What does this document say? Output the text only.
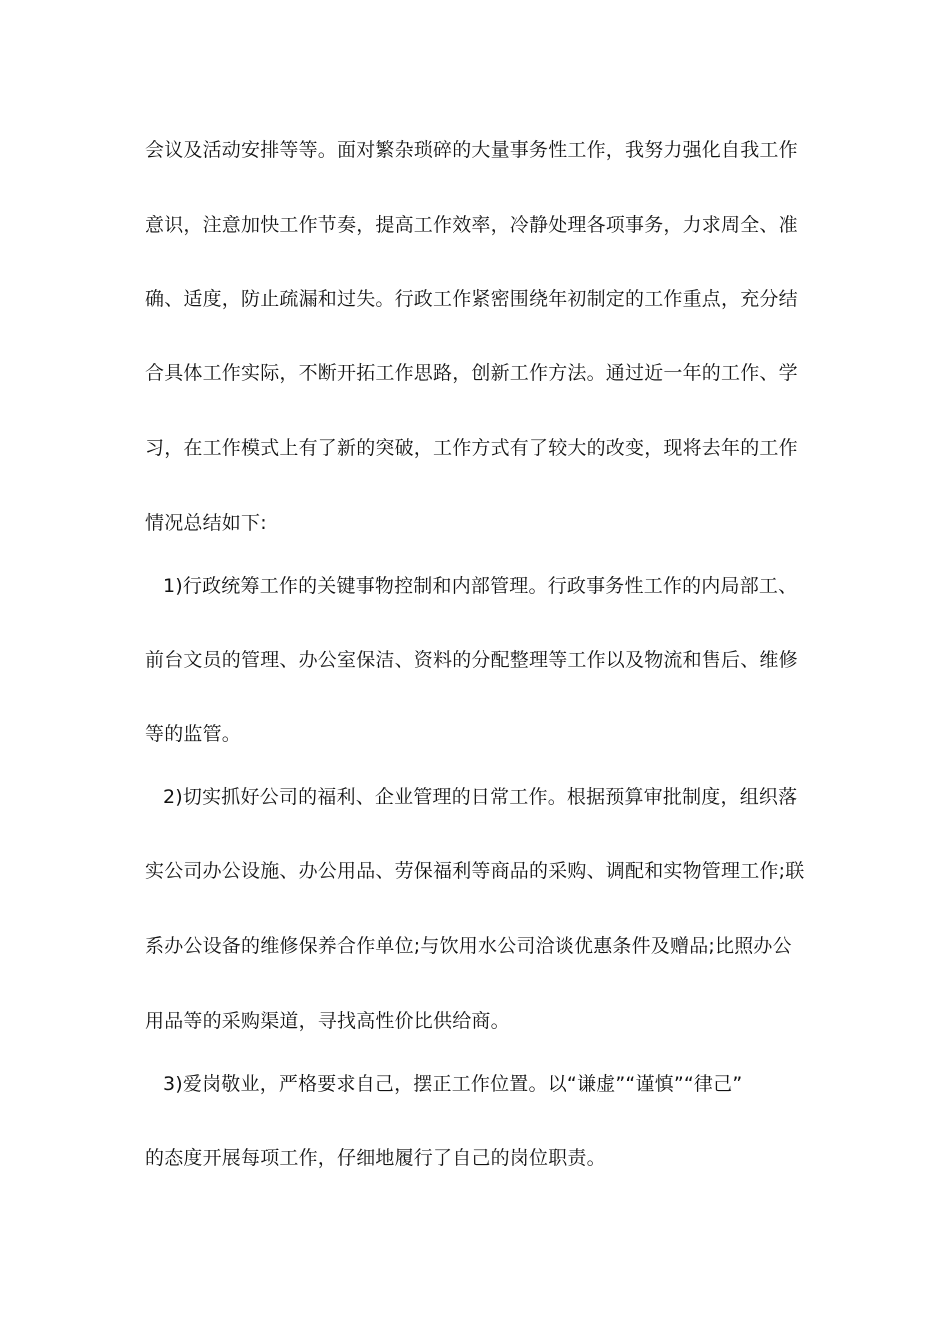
会议及活动安排等等。面对繁杂琐碎的大量事务性工作，我努力强化自我工作
意识，注意加快工作节奏，提高工作效率，冷静处理各项事务，力求周全、准
确、适度，防止疏漏和过失。行政工作紧密围绕年初制定的工作重点，充分结
合具体工作实际，不断开拓工作思路，创新工作方法。通过近一年的工作、学
习，在工作模式上有了新的突破，工作方式有了较大的改变，现将去年的工作
情况总结如下:
1)行政统筹工作的关键事物控制和内部管理。行政事务性工作的内局部工、
前台文员的管理、办公室保洁、资料的分配整理等工作以及物流和售后、维修
等的监管。
2)切实抓好公司的福利、企业管理的日常工作。根据预算审批制度，组织落
实公司办公设施、办公用品、劳保福利等商品的采购、调配和实物管理工作;联
系办公设备的维修保养合作单位;与饮用水公司洽谈优惠条件及赠品;比照办公
用品等的采购渠道，寻找高性价比供给商。
3)爱岗敬业，严格要求自己，摆正工作位置。以“谦虚”“谨慎”“律己”
的态度开展每项工作，仔细地履行了自己的岗位职责。
